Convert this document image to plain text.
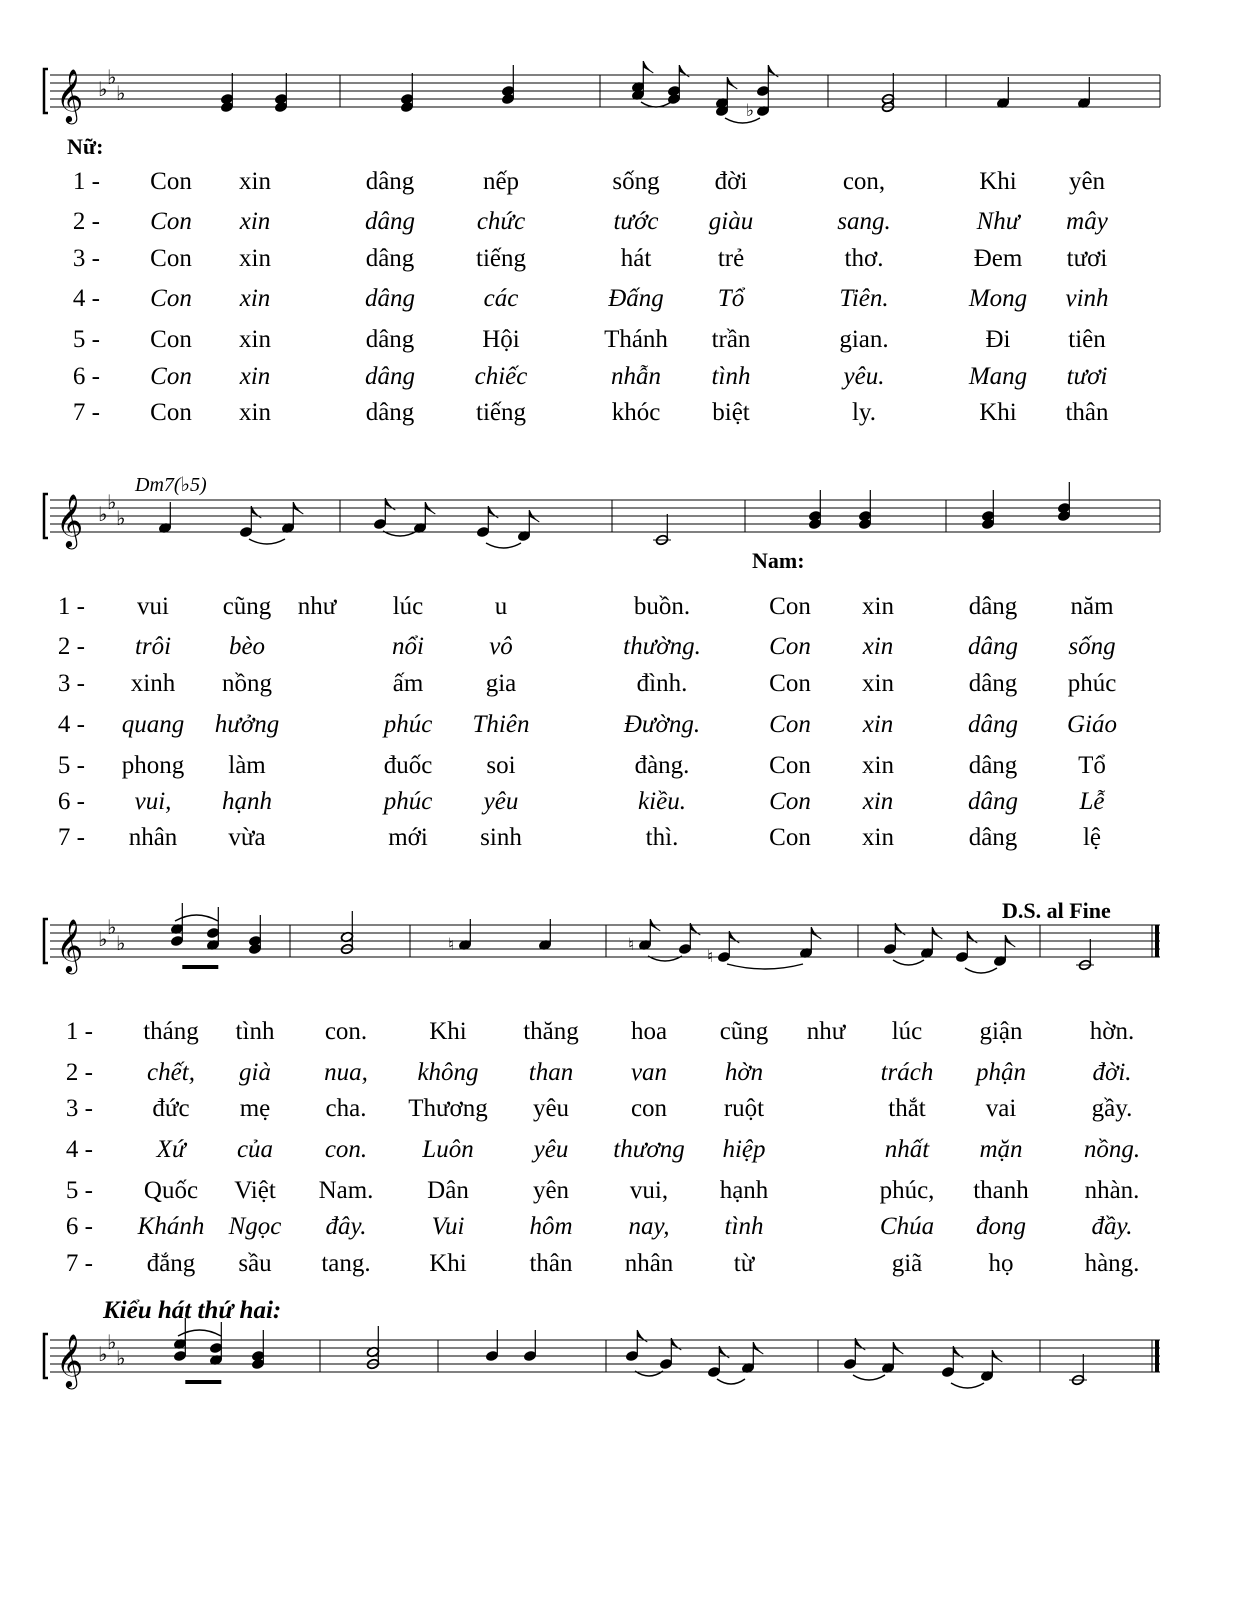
𝄞 ♭ ♭
♭
♭
Nữ:
1 - Con xin	dâng	nếp	sống đời	con,	Khi yên
2 - Con xin	dâng chức	tước giàu	sang.	Như mây
3 - Con xin	dâng tiếng	hát	trẻ	thơ.	Đem tươi
4 - Con xin	dâng	các	Đấng Tổ	Tiên.	Mong vinh
5 - Con xin	dâng	Hội	Thánh trần	gian.	Đi tiên
6 - Con xin	dâng chiếc	nhẫn tình	yêu.	Mang tươi
7 - Con xin	dâng tiếng	khóc biệt	ly.	Khi thân
Dm7(♭5)
𝄞 ♭ ♭
♭
Nam:
1 - vui cũng như lúc	u	buồn.	Con xin	dâng năm
2 - trôi bèo	nổi	vô	thường.	Con xin	dâng sống
3 - xinh nồng	ấm gia	đình.	Con xin	dâng phúc
4 - quang hưởng	phúc Thiên	Đường.	Con xin	dâng Giáo
5 - phong làm	đuốc soi	đàng.	Con xin	dâng Tổ
6 - vui, hạnh	phúc yêu	kiều.	Con xin	dâng Lễ
7 - nhân vừa	mới sinh	thì.	Con xin	dâng	lệ
D.S. al Fine
𝄞 ♭ ♭
♭	♮	♮
♮
1 - tháng tình con. Khi thăng hoa cũng như lúc giận	hờn.
2 - chết, già nua, không than van hờn	trách phận	đời.
3 - đức mẹ cha. Thương yêu con ruột	thắt vai	gầy.
4 -	Xứ của con. Luôn yêu thương hiệp	nhất mặn nồng.
5 - Quốc Việt Nam. Dân	yên vui, hạnh	phúc, thanh nhàn.
6 - Khánh Ngọc đây.	Vui	hôm nay, tình	Chúa đong	đầy.
7 - đắng sầu tang. Khi	thân nhân từ	giã	họ	hàng.
Kiểu hát thứ hai:
𝄞 ♭ ♭
♭
